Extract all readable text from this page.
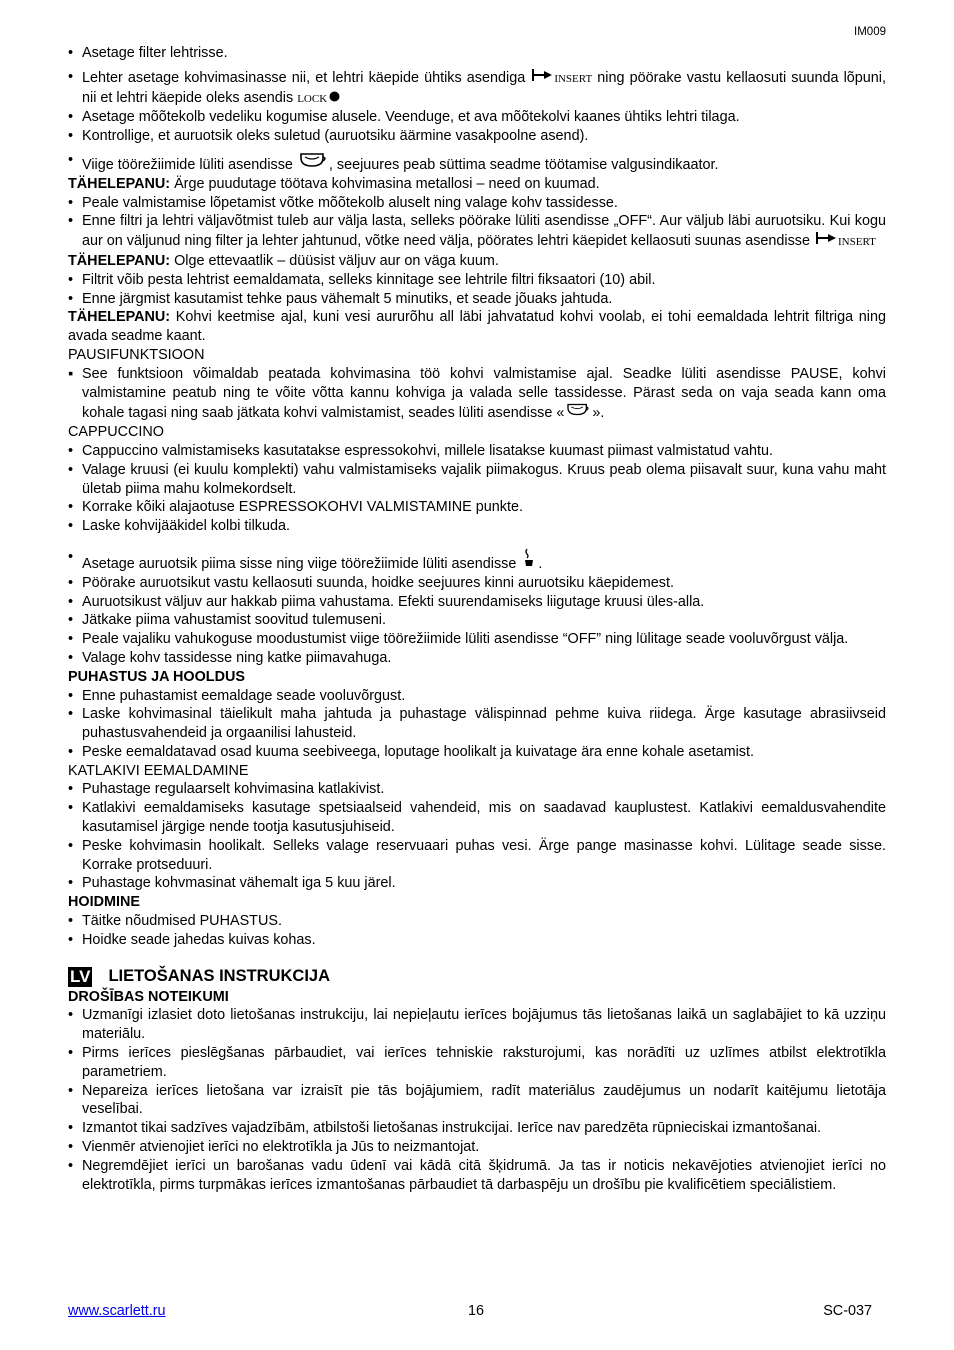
IM009
• Asetage filter lehtrisse.
• Lehter asetage kohvimasinasse nii, et lehtri käepide ühtiks asendiga	INSERT ning pöörake vastu kellaosuti suunda lõpuni, nii et lehtri käepide oleks asendis LOCK
• Asetage mõõtekolb vedeliku kogumise alusele. Veenduge, et ava mõõtekolvi kaanes ühtiks lehtri tilaga.
• Kontrollige, et auruotsik oleks suletud (auruotsiku äärmine vasakpoolne asend).
• Viige töörežiimide lüliti asendisse	, seejuures peab süttima seadme töötamise valgusindikaator.
TÄHELEPANU: Ärge puudutage töötava kohvimasina metallosi – need on kuumad.
• Peale valmistamise lõpetamist võtke mõõtekolb aluselt ning valage kohv tassidesse.
• Enne filtri ja lehtri väljavõtmist tuleb aur välja lasta, selleks pöörake lüliti asendisse „OFF“. Aur väljub läbi auruotsiku. Kui kogu aur on väljunud ning filter ja lehter jahtunud, võtke need välja, pöörates lehtri käepidet kellaosuti suunas asendisse	INSERT
TÄHELEPANU: Olge ettevaatlik – düüsist väljuv aur on väga kuum.
• Filtrit võib pesta lehtrist eemaldamata, selleks kinnitage see lehtrile filtri fiksaatori (10) abil.
• Enne järgmist kasutamist tehke paus vähemalt 5 minutiks, et seade jõuaks jahtuda.
TÄHELEPANU: Kohvi keetmise ajal, kuni vesi aururõhu all läbi jahvatatud kohvi voolab, ei tohi eemaldada lehtrit filtriga ning avada seadme kaant.
PAUSIFUNKTSIOON
▪ See funktsioon võimaldab peatada kohvimasina töö kohvi valmistamise ajal. Seadke lüliti asendisse PAUSE, kohvi valmistamine peatub ning te võite võtta kannu kohviga ja valada selle tassidesse. Pärast seda on vaja seada kann oma kohale tagasi ning saab jätkata kohvi valmistamist, seades lüliti asendisse « ».
CAPPUCCINO
• Cappuccino valmistamiseks kasutatakse espressokohvi, millele lisatakse kuumast piimast valmistatud vahtu.
• Valage kruusi (ei kuulu komplekti) vahu valmistamiseks vajalik piimakogus. Kruus peab olema piisavalt suur, kuna vahu maht ületab piima mahu kolmekordselt.
• Korrake kõiki alajaotuse ESPRESSOKOHVI VALMISTAMINE punkte.
• Laske kohvijääkidel kolbi tilkuda.
• Asetage auruotsik piima sisse ning viige töörežiimide lüliti asendisse .
• Pöörake auruotsikut vastu kellaosuti suunda, hoidke seejuures kinni auruotsiku käepidemest.
• Auruotsikust väljuv aur hakkab piima vahustama. Efekti suurendamiseks liigutage kruusi üles-alla.
• Jätkake piima vahustamist soovitud tulemuseni.
• Peale vajaliku vahukoguse moodustumist viige töörežiimide lüliti asendisse “OFF” ning lülitage seade vooluvõrgust välja.
• Valage kohv tassidesse ning katke piimavahuga.
PUHASTUS JA HOOLDUS
• Enne puhastamist eemaldage seade vooluvõrgust.
• Laske kohvimasinal täielikult maha jahtuda ja puhastage välispinnad pehme kuiva riidega. Ärge kasutage abrasiivseid puhastusvahendeid ja orgaanilisi lahusteid.
• Peske eemaldatavad osad kuuma seebiveega, loputage hoolikalt ja kuivatage ära enne kohale asetamist.
KATLAKIVI EEMALDAMINE
• Puhastage regulaarselt kohvimasina katlakivist.
• Katlakivi eemaldamiseks kasutage spetsiaalseid vahendeid, mis on saadavad kauplustest. Katlakivi eemaldusvahendite kasutamisel järgige nende tootja kasutusjuhiseid.
• Peske kohvimasin hoolikalt. Selleks valage reservuaari puhas vesi. Ärge pange masinasse kohvi. Lülitage seade sisse. Korrake protseduuri.
• Puhastage kohvmasinat vähemalt iga 5 kuu järel.
HOIDMINE
• Täitke nõudmised PUHASTUS.
• Hoidke seade jahedas kuivas kohas.
LV LIETOŠANAS INSTRUKCIJA
DROŠĪBAS NOTEIKUMI
• Uzmanīgi izlasiet doto lietošanas instrukciju, lai nepieļautu ierīces bojājumus tās lietošanas laikā un saglabājiet to kā uzziņu materiālu.
• Pirms ierīces pieslēgšanas pārbaudiet, vai ierīces tehniskie raksturojumi, kas norādīti uz uzlīmes atbilst elektrotīkla parametriem.
• Nepareiza ierīces lietošana var izraisīt pie tās bojājumiem, radīt materiālus zaudējumus un nodarīt kaitējumu lietotāja veselībai.
• Izmantot tikai sadzīves vajadzībām, atbilstoši lietošanas instrukcijai. Ierīce nav paredzēta rūpnieciskai izmantošanai.
• Vienmēr atvienojiet ierīci no elektrotīkla ja Jūs to neizmantojat.
• Negremdējiet ierīci un barošanas vadu ūdenī vai kādā citā šķidrumā. Ja tas ir noticis nekavējoties atvienojiet ierīci no elektrotīkla, pirms turpmākas ierīces izmantošanas pārbaudiet tā darbaspēju un drošību pie kvalificētiem speciālistiem.
www.scarlett.ru	16	SC-037
